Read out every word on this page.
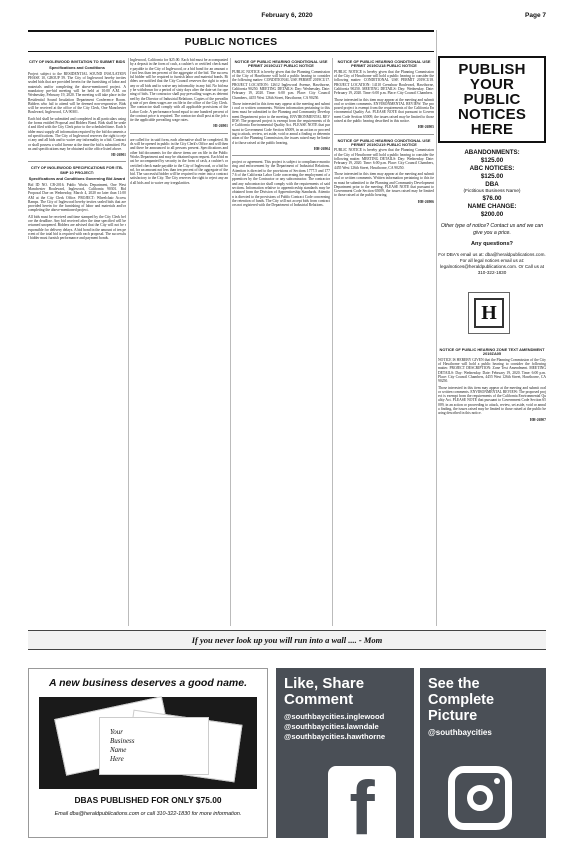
February 6, 2020	Page 7
PUBLIC NOTICES
CITY OF INGLEWOOD INVITATION TO SUBMIT BIDS
Specifications and Conditions

Project subject to the RESIDENTIAL SOUND INSULATION PHASE 10, GROUP 59. The City of Inglewood hereby invites sealed bids that are provided herein for the furnishing of labor and materials and/or completing the above-mentioned project. A mandatory pre-bid meeting will be held at 10:00 A.M. on Wednesday, February 19, 2020. The meeting will take place in the Residential Sound Insulation Department Conference Room. Bidders who fail to attend will be deemed non-responsive. Bids will be received at the office of the City Clerk, One Manchester Boulevard, Inglewood, CA 90301.

Each bid shall be submitted and completed in all particulars using the forms entitled Proposal and Bidders Bond. Bids shall be sealed and filed with the City Clerk prior to the scheduled time. Each bidder must supply all information required by the bid documents and specifications. The City of Inglewood reserves the right to reject any and all bids and to waive any informality in a bid. Contractor shall possess a valid license at the time the bid is submitted. Plans and specifications may be obtained at the office listed above.

HI-26901
CITY OF INGLEWOOD SPECIFICATIONS FOR ITB-SMP 10 PROJECT:
Specifications and Conditions Governing Bid Award

Bid ID NO. CB-2016. Public Works Department, One West Manchester Boulevard, Inglewood, California 90301. Bid Proposal Due on Wednesday, March 4, 2020 no later than 11:00 AM at the City Clerk Office. PROJECT: Wheelchair Access Ramps. The City of Inglewood hereby invites sealed bids that are provided herein for the furnishing of labor and materials and/or completing the above-mentioned project.

All bids must be received and time stamped by the City Clerk before the deadline. Any bid received after the time specified will be returned unopened. Bidders are advised that the City will not be responsible for delivery delays. A bid bond in the amount of ten percent of the total bid is required with each proposal. The successful bidder must furnish performance and payment bonds.

Inglewood, California for $25.00. Each bid must be accompanied by a deposit in the form of cash, a cashier's or certified check made payable to the City of Inglewood, or a bid bond for an amount of not less than ten percent of the aggregate of the bid. The successful bidder will be required to furnish labor and material bonds. Bidders are notified that the City Council reserves the right to reject any or all bids and to waive any informality in any bid. No bid may be withdrawn for a period of sixty days after the date set for opening of bids. The contractor shall pay prevailing wages as determined by the Director of Industrial Relations. Copies of the prevailing rate of per diem wages are on file in the office of the City Clerk. The contractor shall comply with all applicable provisions of the Labor Code. A performance bond equal to one hundred percent of the contract price is required. The contractor shall post at the job site the applicable prevailing wage rates.

HI-26901

are called for in said form, each alternative shall be completed. Bids will be opened in public in the City Clerk's Office and will then and there be announced to all persons present. Specifications and other bid documents for the above items are on file in the Public Works Department and may be obtained upon request. Each bid must be accompanied by security in the form of cash, a cashier's or certified check made payable to the City of Inglewood, or a bid bond, for an amount not less than ten percent of the aggregate of the bid. The successful bidder will be required to enter into a contract satisfactory to the City. The City reserves the right to reject any and all bids and to waive any irregularities.

NOTICE OF PUBLIC HEARING CONDITIONAL USE PERMIT 2019CU17 PUBLIC NOTICE

PUBLIC NOTICE is hereby given that the Planning Commission of the City of Hawthorne will hold a public hearing to consider the following matter: CONDITIONAL USE PERMIT 2019CU17. PROJECT LOCATION: 12612 Inglewood Avenue, Hawthorne, California 90250. MEETING DETAILS: Day: Wednesday. Date: February 19, 2020. Time: 6:00 p.m. Place: City Council Chambers, 4455 West 126th Street, Hawthorne, CA 90250.

Those interested in this item may appear at the meeting and submit oral or written comments. Written information pertaining to this item must be submitted to the Planning and Community Development Department prior to the meeting. ENVIRONMENTAL REVIEW: The proposed project is exempt from the requirements of the California Environmental Quality Act. PLEASE NOTE that pursuant to Government Code Section 65009, in an action or proceeding to attack, review, set aside, void or annul a finding or determination of the Planning Commission, the issues raised may be limited to those raised at the public hearing.

HH-26904

project or agreement. This project is subject to compliance monitoring and enforcement by the Department of Industrial Relations. Attention is directed to the provisions of Sections 1777.5 and 1777.6 of the California Labor Code concerning the employment of apprentices by the Contractor or any subcontractor. The contractor and any subcontractor shall comply with the requirements of said sections. Information relative to apprenticeship standards may be obtained from the Division of Apprenticeship Standards. Attention is directed to the provisions of Public Contract Code concerning the retention of funds. The City will not accept bids from contractors not registered with the Department of Industrial Relations.

NOTICE OF PUBLIC HEARING CONDITIONAL USE PERMIT 2019CU18 PUBLIC NOTICE

PUBLIC NOTICE is hereby given that the Planning Commission of the City of Hawthorne will hold a public hearing to consider the following matter: CONDITIONAL USE PERMIT 2019CU18. PROJECT LOCATION: 14110 Crenshaw Boulevard, Hawthorne, California 90250. MEETING DETAILS: Day: Wednesday. Date: February 19, 2020. Time: 6:00 p.m. Place: City Council Chambers.

Those interested in this item may appear at the meeting and submit oral or written comments. ENVIRONMENTAL REVIEW: The proposed project is exempt from the requirements of the California Environmental Quality Act. PLEASE NOTE that pursuant to Government Code Section 65009, the issues raised may be limited to those raised at the public hearing described in this notice.

HH-26905
NOTICE OF PUBLIC HEARING CONDITIONAL USE PERMIT 2019CU19 PUBLIC NOTICE

PUBLIC NOTICE is hereby given that the Planning Commission of the City of Hawthorne will hold a public hearing to consider the following matter. MEETING DETAILS: Day: Wednesday. Date: February 19, 2020. Time: 6:00 p.m. Place: City Council Chambers, 4455 West 126th Street, Hawthorne, CA 90250.

Those interested in this item may appear at the meeting and submit oral or written comments. Written information pertaining to this item must be submitted to the Planning and Community Development Department prior to the meeting. PLEASE NOTE that pursuant to Government Code Section 65009, the issues raised may be limited to those raised at the public hearing.

HH-26906
NOTICE OF PUBLIC HEARING ZONE TEXT AMENDMENT 2019ZA05

NOTICE IS HEREBY GIVEN that the Planning Commission of the City of Hawthorne will hold a public hearing to consider the following matter. PROJECT DESCRIPTION: Zone Text Amendment. MEETING DETAILS: Day: Wednesday. Date: February 19, 2020. Time: 6:00 p.m. Place: City Council Chambers, 4455 West 126th Street, Hawthorne, CA 90250.

Those interested in this item may appear at the meeting and submit oral or written comments. ENVIRONMENTAL REVIEW: The proposed project is exempt from the requirements of the California Environmental Quality Act. PLEASE NOTE that pursuant to Government Code Section 65009, in an action or proceeding to attack, review, set aside, void or annul a finding, the issues raised may be limited to those raised at the public hearing described in this notice.

HH-26907
PUBLISH
YOUR
PUBLIC
NOTICES
HERE
ABANDONMENTS:
$125.00
ABC NOTICES:
$125.00
DBA
(Fictitious Business Name)
$76.00
NAME CHANGE:
$200.00
Other type of notice? Contact us and we can give you a price.
Any questions?
For DBA's email us at: dba@heraldpublications.com. For all legal notices email us at: legalnotices@heraldpublications.com. Or Call us at 310-322-1830
H
If you never look up you will run into a wall .... - Mom
A new business deserves a good name.
Your
Business
Name
Here
DBAS PUBLISHED FOR ONLY $75.00
Email dba@heraldpublications.com or call 310-322-1830 for more information.
Like, Share
Comment
@southbaycities.inglewood
@southbaycities.lawndale
@southbaycities.hawthorne
f
See the
Complete
Picture
@southbaycities
